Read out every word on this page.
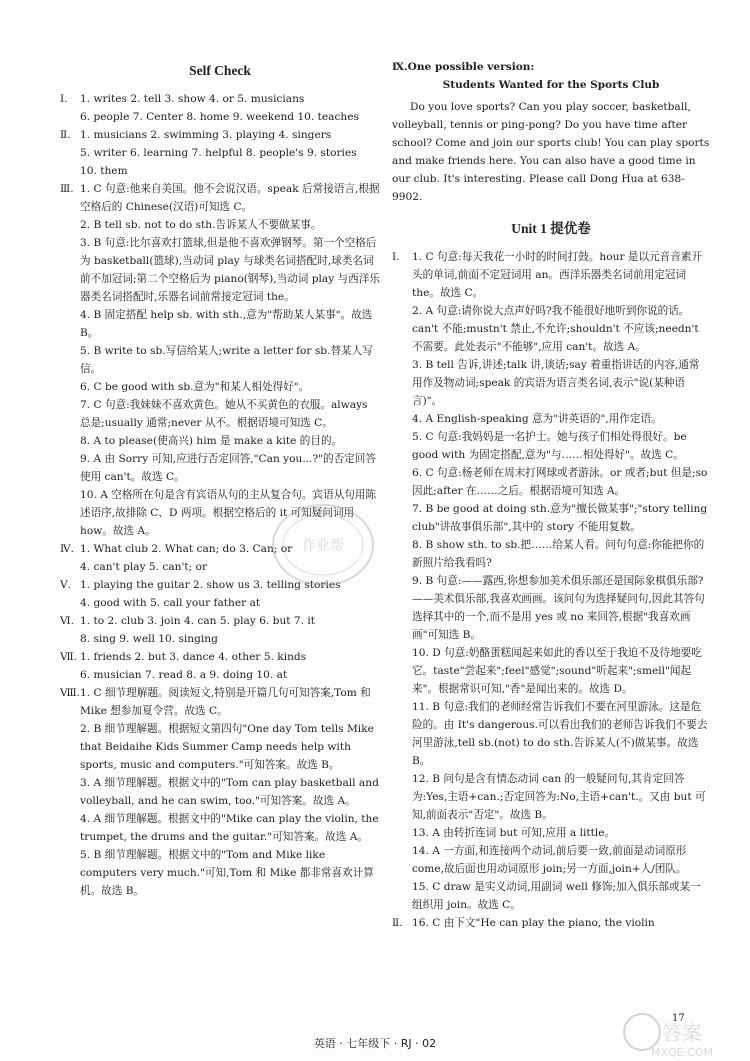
Self Check
Ⅰ. 1. writes 2. tell 3. show 4. or 5. musicians
6. people 7. Center 8. home 9. weekend 10. teaches
Ⅱ. 1. musicians 2. swimming 3. playing 4. singers
5. writer 6. learning 7. helpful 8. people's 9. stories
10. them
Ⅲ. 1. C 句意:他来自美国。他不会说汉语。speak 后常接语言,根据空格后的 Chinese(汉语)可知选 C。
2. B tell sb. not to do sth.告诉某人不要做某事。
3. B 句意:比尔喜欢打篮球,但是他不喜欢弹钢琴。第一个空格后为 basketball(篮球),当动词 play 与球类名词搭配时,球类名词前不加冠词;第二个空格后为 piano(钢琴),当动词 play 与西洋乐器类名词搭配时,乐器名词前常接定冠词 the。
4. B 固定搭配 help sb. with sth.,意为"帮助某人某事"。故选 B。
5. B write to sb.写信给某人;write a letter for sb.替某人写信。
6. C be good with sb.意为"和某人相处得好"。
7. C 句意:我妹妹不喜欢黄色。她从不买黄色的衣服。always 总是;usually 通常;never 从不。根据语境可知选 C。
8. A to please(使高兴) him 是 make a kite 的目的。
9. A 由 Sorry 可知,应进行否定回答,"Can you...?"的否定回答使用 can't。故选 C。
10. A 空格所在句是含有宾语从句的主从复合句。宾语从句用陈述语序,故排除 C、D 两项。根据空格后的 it 可知疑问词用 how。故选 A。
Ⅳ. 1. What club 2. What can; do 3. Can; or
4. can't play 5. can't; or
Ⅴ. 1. playing the guitar 2. show us 3. telling stories
4. good with 5. call your father at
Ⅵ. 1. to 2. club 3. join 4. can 5. play 6. but 7. it
8. sing 9. well 10. singing
Ⅶ. 1. friends 2. but 3. dance 4. other 5. kinds
6. musician 7. read 8. a 9. doing 10. at
Ⅷ. 1. C 细节理解题。阅读短文,特别是开篇几句可知答案,Tom 和 Mike 想参加夏令营。故选 C。
2. B 细节理解题。根据短文第四句"One day Tom tells Mike that Beidaihe Kids Summer Camp needs help with sports, music and computers."可知答案。故选 B。
3. A 细节理解题。根据文中的"Tom can play basketball and volleyball, and he can swim, too."可知答案。故选 A。
4. A 细节理解题。根据文中的"Mike can play the violin, the trumpet, the drums and the guitar."可知答案。故选 A。
5. B 细节理解题。根据文中的"Tom and Mike like computers very much."可知,Tom 和 Mike 都非常喜欢计算机。故选 B。
Ⅸ.One possible version:
Students Wanted for the Sports Club
Do you love sports? Can you play soccer, basketball, volleyball, tennis or ping-pong? Do you have time after school? Come and join our sports club! You can play sports and make friends here. You can also have a good time in our club. It's interesting. Please call Dong Hua at 638-9902.
Unit 1 提优卷
Ⅰ. 1. C 句意:每天我花一小时的时间打鼓。hour 是以元音音素开头的单词,前面不定冠词用 an。西洋乐器类名词前用定冠词 the。故选 C。
2. A 句意:请你说大点声好吗?我不能很好地听到你说的话。can't 不能;mustn't 禁止,不允许;shouldn't 不应该;needn't 不需要。此处表示"不能够",应用 can't。故选 A。
3. B tell 告诉,讲述;talk 讲,谈话;say 着重指讲话的内容,通常用作及物动词;speak 的宾语为语言类名词,表示"说(某种语言)"。
4. A English-speaking 意为"讲英语的",用作定语。
5. C 句意:我妈妈是一名护士。她与孩子们相处得很好。be good with 为固定搭配,意为"与……相处得好"。故选 C。
6. C 句意:杨老师在周末打网球或者游泳。or 或者;but 但是;so 因此;after 在……之后。根据语境可知选 A。
7. B be good at doing sth.意为"擅长做某事";"story telling club"讲故事俱乐部",其中的 story 不能用复数。
8. B show sth. to sb.把……给某人看。问句句意:你能把你的新照片给我看吗?
9. B 句意:——露西,你想参加美术俱乐部还是国际象棋俱乐部?——美术俱乐部,我喜欢画画。该问句为选择疑问句,因此其答句选择其中的一个,而不是用 yes 或 no 来回答,根据"我喜欢画画"可知选 B。
10. D 句意:奶酪蛋糕闻起来如此的香以至于我迫不及待地要吃它。taste"尝起来";feel"感觉";sound"听起来";smell"闻起来"。根据常识可知,"香"是闻出来的。故选 D。
11. B 句意:我们的老师经常告诉我们不要在河里游泳。这是危险的。由 It's dangerous.可以看出我们的老师告诉我们不要去河里游泳,tell sb.(not) to do sth.告诉某人(不)做某事。故选 B。
12. B 问句是含有情态动词 can 的一般疑问句,其肯定回答为:Yes,主语+can.;否定回答为:No,主语+can't.。又由 but 可知,前面表示"否定"。故选 B。
13. A 由转折连词 but 可知,应用 a little。
14. A 一方面,和连接两个动词,前后要一致,前面是动词原形 come,故后面也用动词原形 join;另一方面,join+人/团队。
15. C draw 是实义动词,用副词 well 修饰;加入俱乐部或某一组织用 join。故选 C。
Ⅱ. 16. C 由下文"He can play the piano, the violin
作业帮
17
答案
MXQE.COM
英语 · 七年级下 · RJ · 02
